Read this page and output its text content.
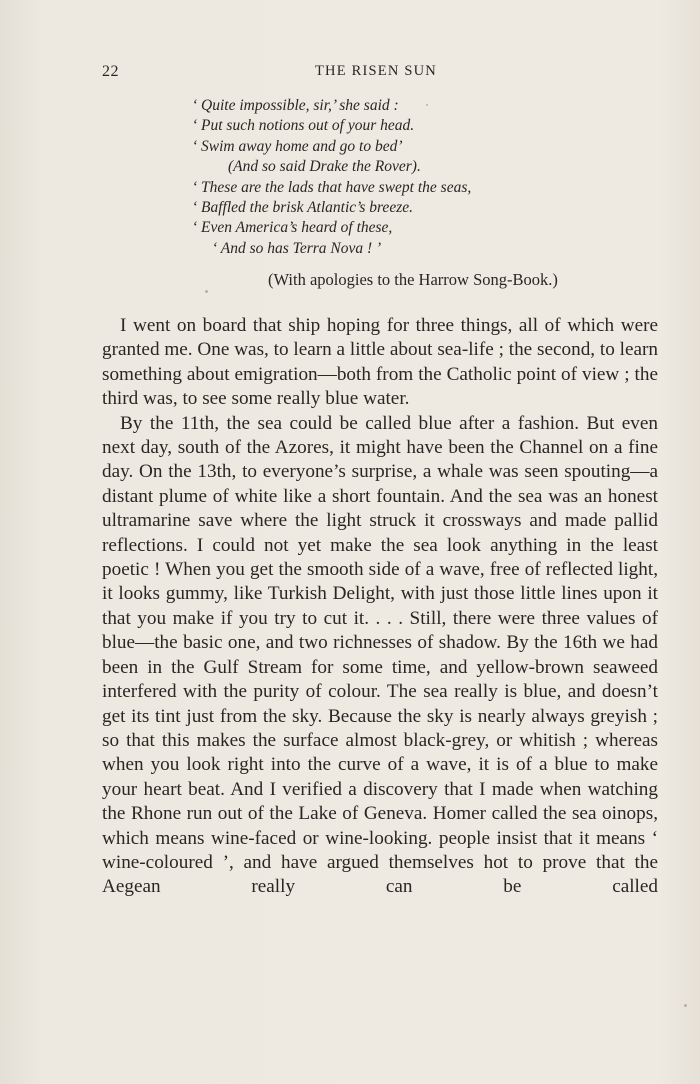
22	THE RISEN SUN
‘ Quite impossible, sir,’ she said :
‘ Put such notions out of your head.
‘ Swim away home and go to bed’
(And so said Drake the Rover).
‘ These are the lads that have swept the seas,
‘ Baffled the brisk Atlantic’s breeze.
‘ Even America’s heard of these,
‘ And so has Terra Nova ! ’
(With apologies to the Harrow Song-Book.)

I went on board that ship hoping for three things, all of which were granted me. One was, to learn a little about sea-life ; the second, to learn something about emigration—both from the Catholic point of view ; the third was, to see some really blue water.

By the 11th, the sea could be called blue after a fashion. But even next day, south of the Azores, it might have been the Channel on a fine day. On the 13th, to everyone’s surprise, a whale was seen spouting—a distant plume of white like a short fountain. And the sea was an honest ultramarine save where the light struck it crossways and made pallid reflections. I could not yet make the sea look anything in the least poetic ! When you get the smooth side of a wave, free of reflected light, it looks gummy, like Turkish Delight, with just those little lines upon it that you make if you try to cut it. . . . Still, there were three values of blue—the basic one, and two richnesses of shadow. By the 16th we had been in the Gulf Stream for some time, and yellow-brown seaweed interfered with the purity of colour. The sea really is blue, and doesn’t get its tint just from the sky. Because the sky is nearly always greyish ; so that this makes the surface almost black-grey, or whitish ; whereas when you look right into the curve of a wave, it is of a blue to make your heart beat. And I verified a discovery that I made when watching the Rhone run out of the Lake of Geneva. Homer called the sea oinops, which means wine-faced or wine-looking. people insist that it means ‘ wine-coloured ’, and have argued themselves hot to prove that the Aegean really can be called
